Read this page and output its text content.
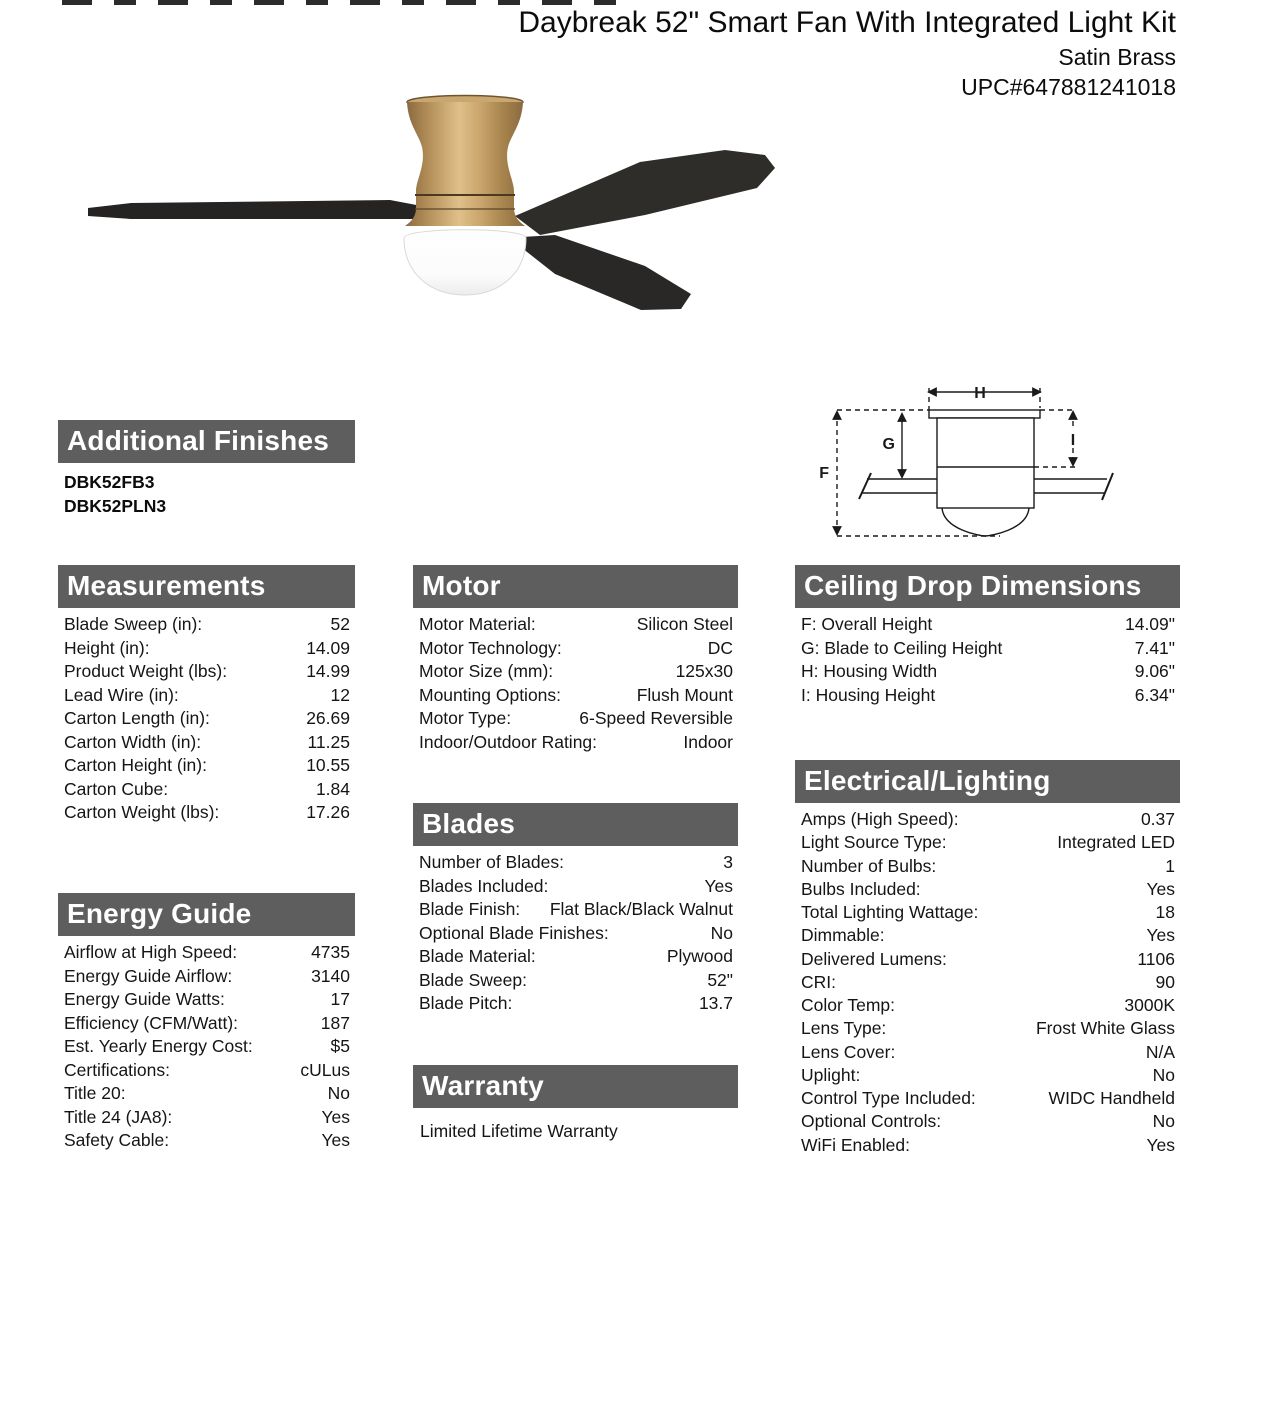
Daybreak 52" Smart Fan With Integrated Light Kit
Satin Brass
UPC#647881241018
H
F
G	I
Additional Finishes
DBK52FB3
DBK52PLN3
Measurements
Blade Sweep (in):	52
Height (in):	14.09
Product Weight (lbs):	14.99
Lead Wire (in):	12
Carton Length (in):	26.69
Carton Width (in):	11.25
Carton Height (in):	10.55
Carton Cube:	1.84
Carton Weight (lbs):	17.26
Energy Guide
Airflow at High Speed:	4735
Energy Guide Airflow:	3140
Energy Guide Watts:	17
Efficiency (CFM/Watt):	187
Est. Yearly Energy Cost:	$5
Certifications:	cULus
Title 20:	No
Title 24 (JA8):	Yes
Safety Cable:	Yes
Motor
Motor Material:	Silicon Steel
Motor Technology:	DC
Motor Size (mm):	125x30
Mounting Options:	Flush Mount
Motor Type:	6-Speed Reversible
Indoor/Outdoor Rating:	Indoor
Blades
Number of Blades:	3
Blades Included:	Yes
Blade Finish: Flat Black/Black Walnut
Optional Blade Finishes:	No
Blade Material:	Plywood
Blade Sweep:	52"
Blade Pitch:	13.7
Warranty
Limited Lifetime Warranty
Ceiling Drop Dimensions
F: Overall Height	14.09"
G: Blade to Ceiling Height	7.41"
H: Housing Width	9.06"
I: Housing Height	6.34"
Electrical/Lighting
Amps (High Speed):	0.37
Light Source Type:	Integrated LED
Number of Bulbs:	1
Bulbs Included:	Yes
Total Lighting Wattage:	18
Dimmable:	Yes
Delivered Lumens:	1106
CRI:	90
Color Temp:	3000K
Lens Type:	Frost White Glass
Lens Cover:	N/A
Uplight:	No
Control Type Included:	WIDC Handheld
Optional Controls:	No
WiFi Enabled:	Yes
